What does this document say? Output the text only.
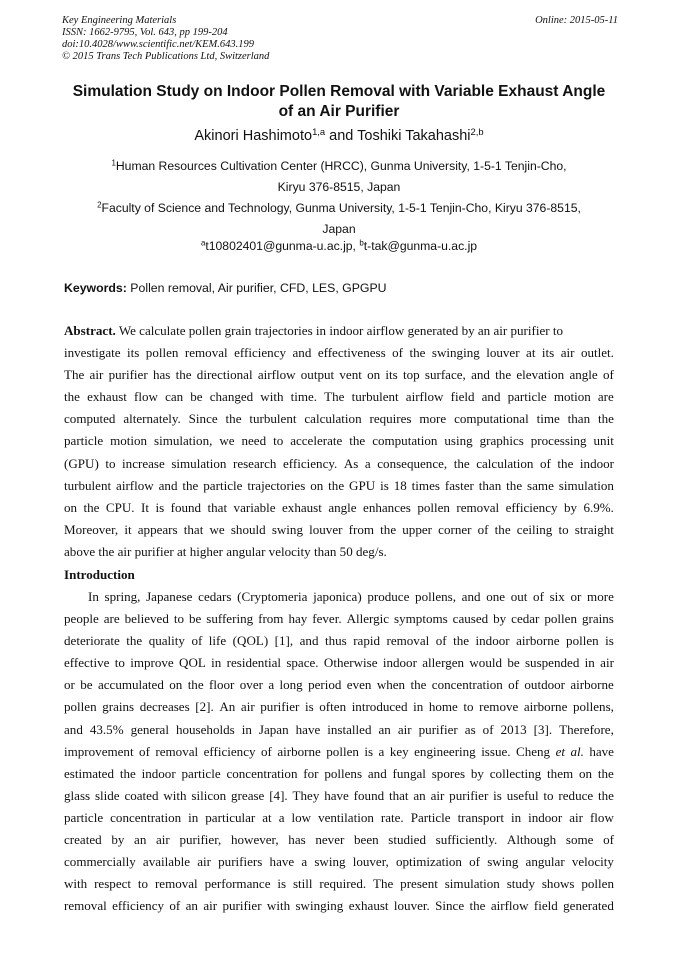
Key Engineering Materials	Online: 2015-05-11
ISSN: 1662-9795, Vol. 643, pp 199-204
doi:10.4028/www.scientific.net/KEM.643.199
© 2015 Trans Tech Publications Ltd, Switzerland
Simulation Study on Indoor Pollen Removal with Variable Exhaust Angle
of an Air Purifier
Akinori Hashimoto$^{1,a}$ and Toshiki Takahashi$^{2,b}$
$^1$Human Resources Cultivation Center (HRCC), Gunma University, 1-5-1 Tenjin-Cho,
Kiryu 376-8515, Japan
$^2$Faculty of Science and Technology, Gunma University, 1-5-1 Tenjin-Cho, Kiryu 376-8515,
Japan
$^a$t10802401@gunma-u.ac.jp, $^b$t-tak@gunma-u.ac.jp
Keywords: Pollen removal, Air purifier, CFD, LES, GPGPU
Abstract. We calculate pollen grain trajectories in indoor airflow generated by an air purifier to
investigate its pollen removal efficiency and effectiveness of the swinging louver at its air outlet.
The air purifier has the directional airflow output vent on its top surface, and the elevation angle of
the exhaust flow can be changed with time. The turbulent airflow field and particle motion are
computed alternately. Since the turbulent calculation requires more computational time than the
particle motion simulation, we need to accelerate the computation using graphics processing unit
(GPU) to increase simulation research efficiency. As a consequence, the calculation of the indoor
turbulent airflow and the particle trajectories on the GPU is 18 times faster than the same simulation
on the CPU. It is found that variable exhaust angle enhances pollen removal efficiency by 6.9%.
Moreover, it appears that we should swing louver from the upper corner of the ceiling to straight
above the air purifier at higher angular velocity than 50 deg/s.
Introduction
In spring, Japanese cedars (Cryptomeria japonica) produce pollens, and one out of six or more
people are believed to be suffering from hay fever. Allergic symptoms caused by cedar pollen grains
deteriorate the quality of life (QOL) [1], and thus rapid removal of the indoor airborne pollen is
effective to improve QOL in residential space. Otherwise indoor allergen would be suspended in air
or be accumulated on the floor over a long period even when the concentration of outdoor airborne
pollen grains decreases [2]. An air purifier is often introduced in home to remove airborne pollens,
and 43.5% general households in Japan have installed an air purifier as of 2013 [3]. Therefore,
improvement of removal efficiency of airborne pollen is a key engineering issue. Cheng et al. have
estimated the indoor particle concentration for pollens and fungal spores by collecting them on the
glass slide coated with silicon grease [4]. They have found that an air purifier is useful to reduce the
particle concentration in particular at a low ventilation rate. Particle transport in indoor air flow
created by an air purifier, however, has never been studied sufficiently. Although some of
commercially available air purifiers have a swing louver, optimization of swing angular velocity
with respect to removal performance is still required. The present simulation study shows pollen
removal efficiency of an air purifier with swinging exhaust louver. Since the airflow field generated
